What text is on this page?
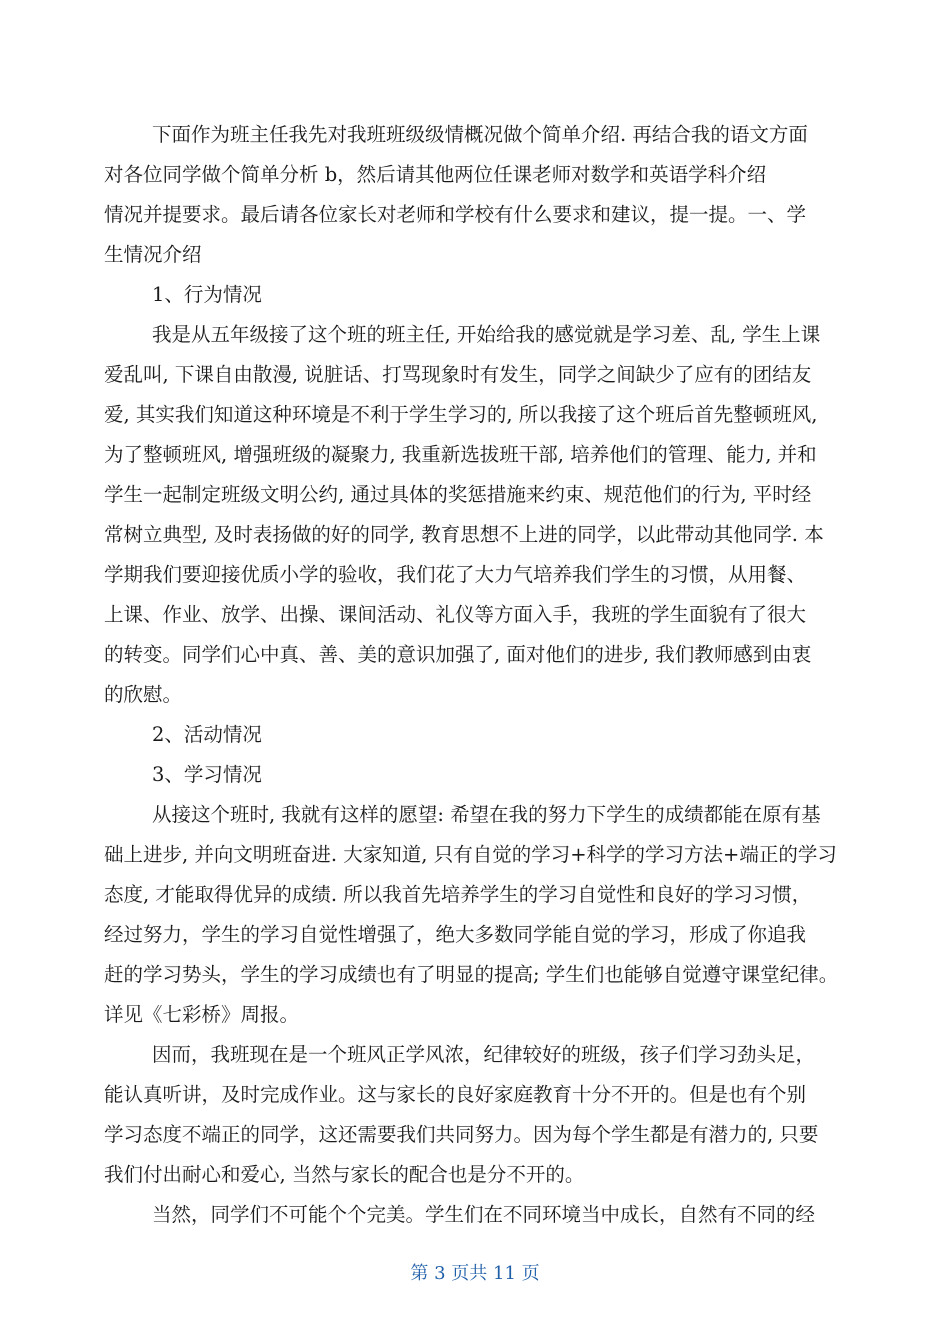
下面作为班主任我先对我班班级级情概况做个简单介绍. 再结合我的语文方面
对各位同学做个简单分析 b，然后请其他两位任课老师对数学和英语学科介绍
情况并提要求。最后请各位家长对老师和学校有什么要求和建议，提一提。一、学
生情况介绍
1、行为情况
我是从五年级接了这个班的班主任, 开始给我的感觉就是学习差、乱, 学生上课
爱乱叫, 下课自由散漫, 说脏话、打骂现象时有发生，同学之间缺少了应有的团结友
爱, 其实我们知道这种环境是不利于学生学习的, 所以我接了这个班后首先整顿班风,
为了整顿班风, 增强班级的凝聚力, 我重新选拔班干部, 培养他们的管理、能力, 并和
学生一起制定班级文明公约, 通过具体的奖惩措施来约束、规范他们的行为, 平时经
常树立典型, 及时表扬做的好的同学, 教育思想不上进的同学，以此带动其他同学. 本
学期我们要迎接优质小学的验收，我们花了大力气培养我们学生的习惯，从用餐、
上课、作业、放学、出操、课间活动、礼仪等方面入手，我班的学生面貌有了很大
的转变。同学们心中真、善、美的意识加强了, 面对他们的进步, 我们教师感到由衷
的欣慰。
2、活动情况
3、学习情况
从接这个班时, 我就有这样的愿望: 希望在我的努力下学生的成绩都能在原有基
础上进步, 并向文明班奋进. 大家知道, 只有自觉的学习+科学的学习方法+端正的学习
态度, 才能取得优异的成绩. 所以我首先培养学生的学习自觉性和良好的学习习惯，
经过努力，学生的学习自觉性增强了，绝大多数同学能自觉的学习，形成了你追我
赶的学习势头，学生的学习成绩也有了明显的提高; 学生们也能够自觉遵守课堂纪律。
详见《七彩桥》周报。
因而，我班现在是一个班风正学风浓，纪律较好的班级，孩子们学习劲头足，
能认真听讲，及时完成作业。这与家长的良好家庭教育十分不开的。但是也有个别
学习态度不端正的同学，这还需要我们共同努力。因为每个学生都是有潜力的, 只要
我们付出耐心和爱心, 当然与家长的配合也是分不开的。
当然，同学们不可能个个完美。学生们在不同环境当中成长，自然有不同的经
第 3 页共 11 页
